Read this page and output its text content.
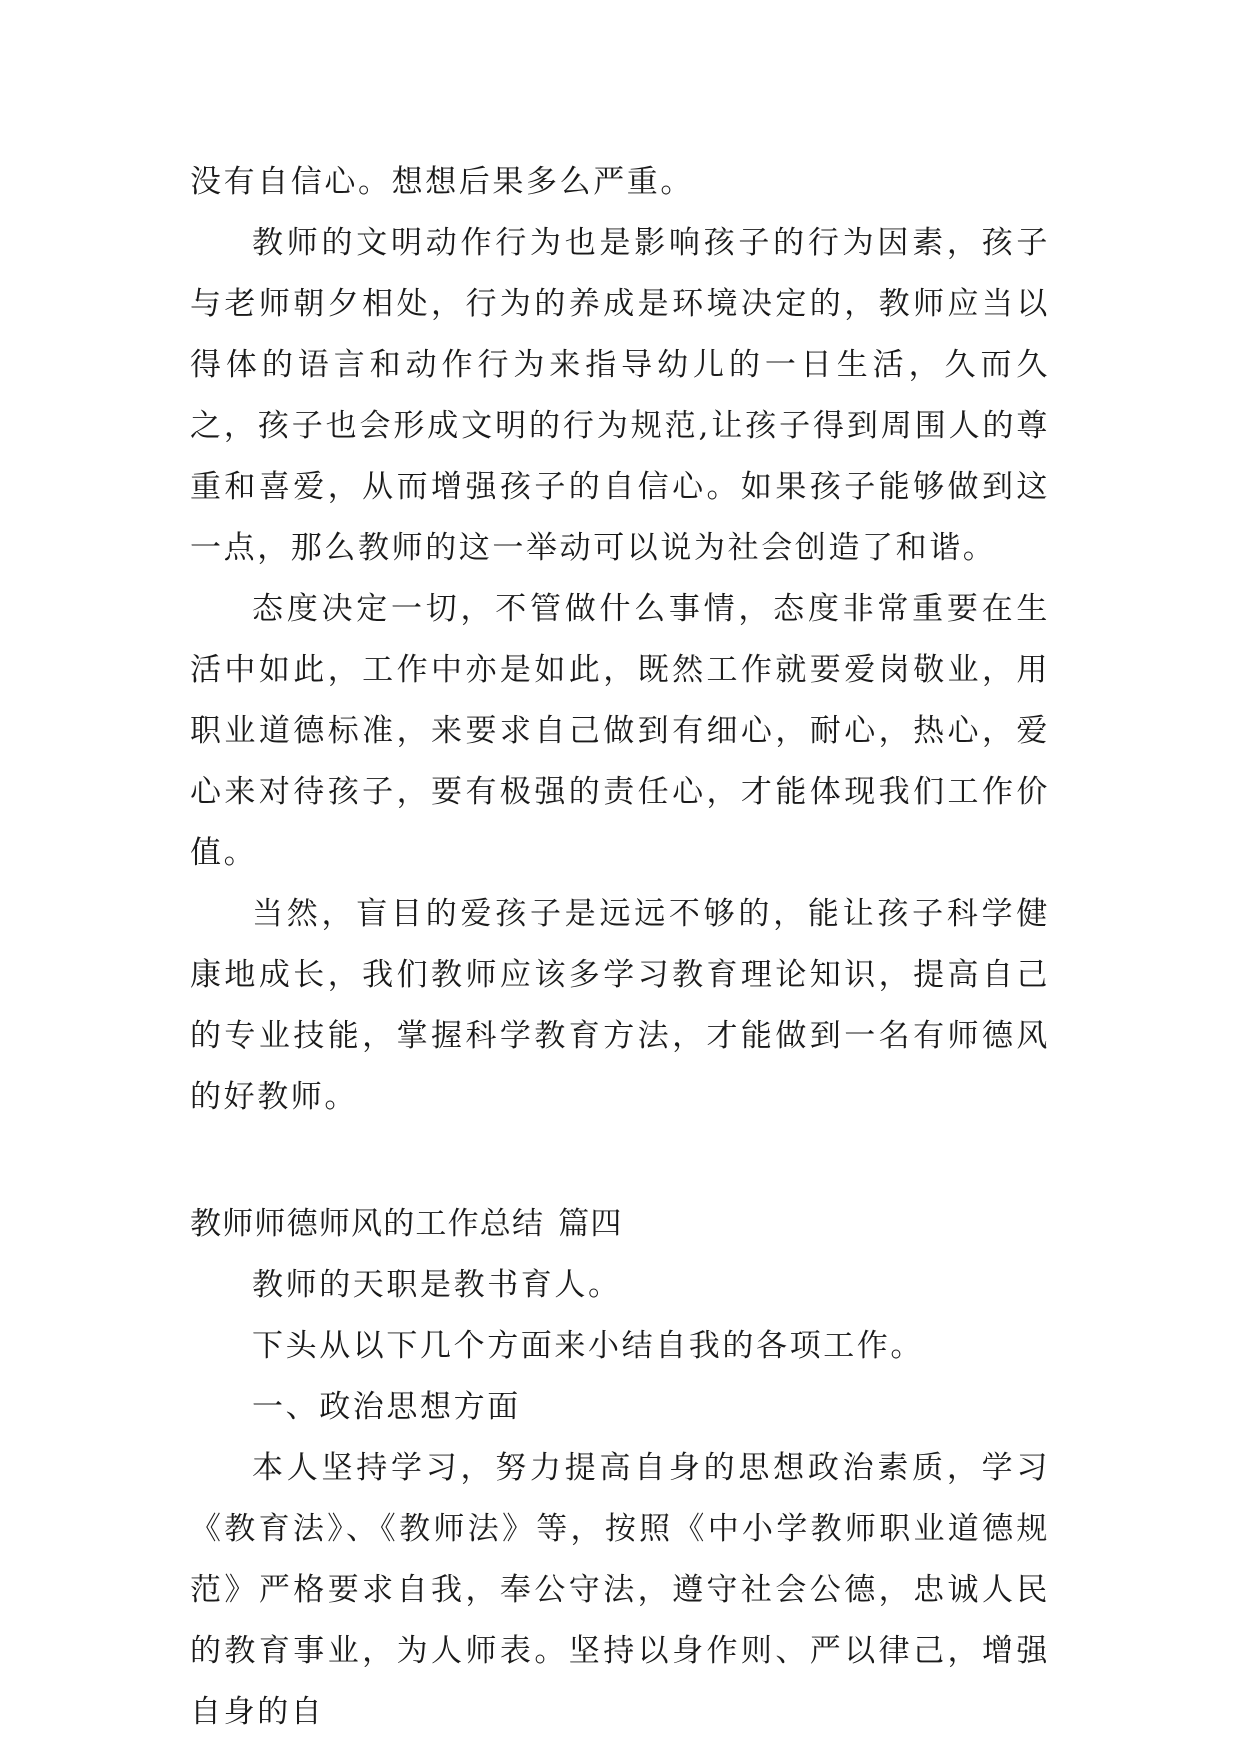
没有自信心。想想后果多么严重。

教师的文明动作行为也是影响孩子的行为因素，孩子与老师朝夕相处，行为的养成是环境决定的，教师应当以得体的语言和动作行为来指导幼儿的一日生活，久而久之，孩子也会形成文明的行为规范,让孩子得到周围人的尊重和喜爱，从而增强孩子的自信心。如果孩子能够做到这一点，那么教师的这一举动可以说为社会创造了和谐。

态度决定一切，不管做什么事情，态度非常重要在生活中如此，工作中亦是如此，既然工作就要爱岗敬业，用职业道德标准，来要求自己做到有细心，耐心，热心，爱心来对待孩子，要有极强的责任心，才能体现我们工作价值。

当然，盲目的爱孩子是远远不够的，能让孩子科学健康地成长，我们教师应该多学习教育理论知识，提高自己的专业技能，掌握科学教育方法，才能做到一名有师德风的好教师。

教师师德师风的工作总结 篇四

教师的天职是教书育人。

下头从以下几个方面来小结自我的各项工作。

一、政治思想方面

本人坚持学习，努力提高自身的思想政治素质，学习《教育法》、《教师法》等，按照《中小学教师职业道德规范》严格要求自我，奉公守法，遵守社会公德，忠诚人民的教育事业，为人师表。坚持以身作则、严以律己，增强自身的自
